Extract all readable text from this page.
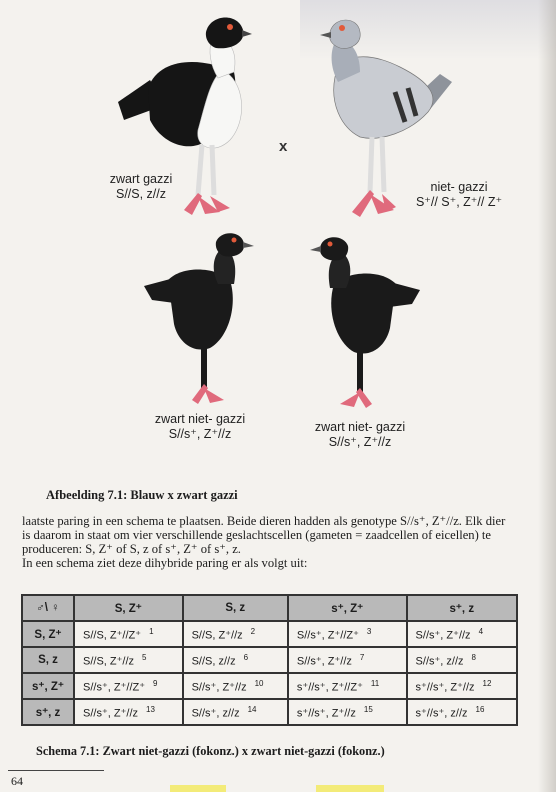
x
zwart gazzi
S//S, z//z	niet- gazzi
S⁺// S⁺, Z⁺// Z⁺
zwart niet- gazzi
S//s⁺, Z⁺//z	zwart niet- gazzi
S//s⁺, Z⁺//z
Afbeelding 7.1: Blauw x zwart gazzi

laatste paring in een schema te plaatsen. Beide dieren hadden als genotype S//s⁺, Z⁺//z. Elk dier

is daarom in staat om vier verschillende geslachtscellen (gameten = zaadcellen of eicellen) te

produceren: S, Z⁺ of S, z of s⁺, Z⁺ of s⁺, z.

In een schema ziet deze dihybride paring er als volgt uit:

♂\ ♀	S, Z⁺	S, z	s⁺, Z⁺	s⁺, z
S, Z⁺	S//S, Z⁺//Z⁺ $^1$	S//S, Z⁺//z $^2$	S//s⁺, Z⁺//Z⁺ $^3$	S//s⁺, Z⁺//z $^4$
S, z	S//S, Z⁺//z $^5$	S//S, z//z $^6$	S//s⁺, Z⁺//z $^7$	S//s⁺, z//z $^8$
s⁺, Z⁺	S//s⁺, Z⁺//Z⁺ $^9$	S//s⁺, Z⁺//z $^{10}$	s⁺//s⁺, Z⁺//Z⁺ $^{11}$	s⁺//s⁺, Z⁺//z $^{12}$
s⁺, z	S//s⁺, Z⁺//z $^{13}$	S//s⁺, z//z $^{14}$	s⁺//s⁺, Z⁺//z $^{15}$	s⁺//s⁺, z//z $^{16}$
Schema 7.1: Zwart niet-gazzi (fokonz.) x zwart niet-gazzi (fokonz.)
64
